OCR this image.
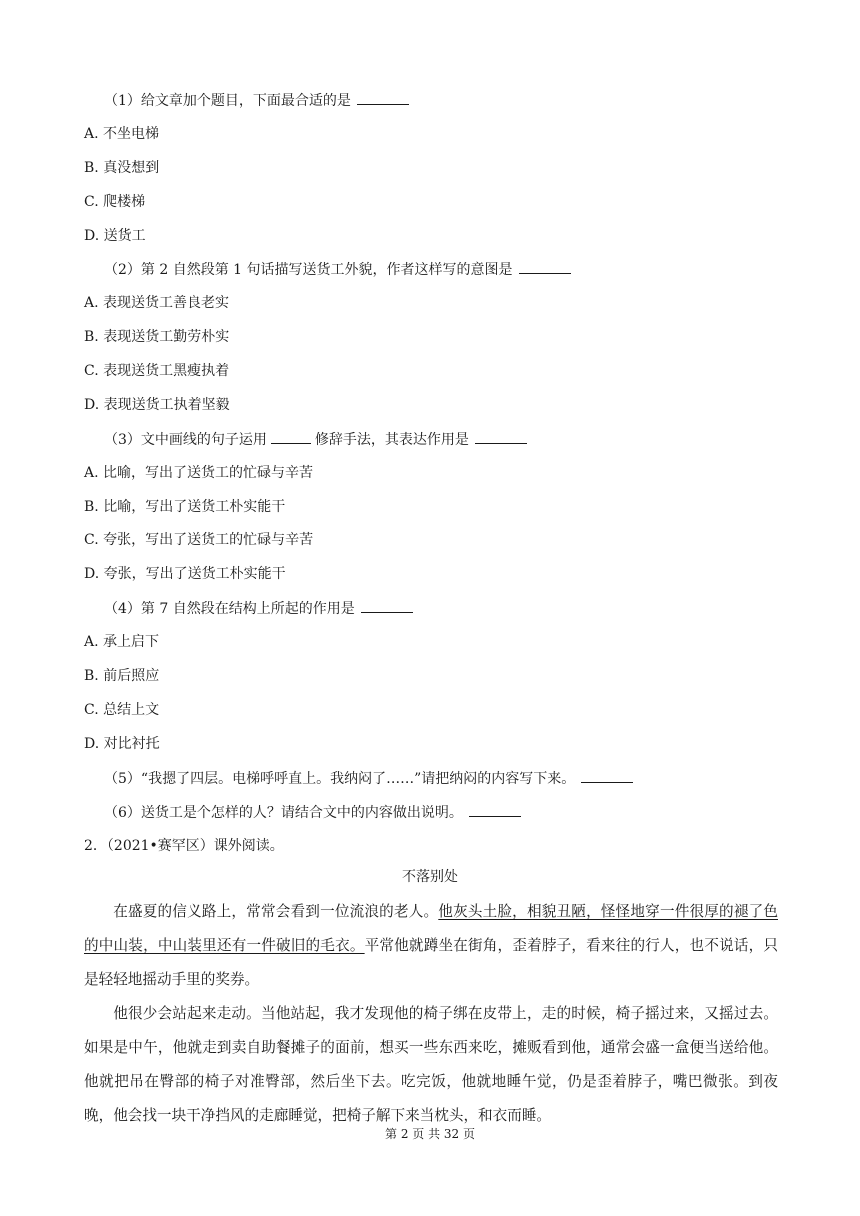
（1）给文章加个题目，下面最合适的是
A. 不坐电梯
B. 真没想到
C. 爬楼梯
D. 送货工
（2）第 2 自然段第 1 句话描写送货工外貌，作者这样写的意图是
A. 表现送货工善良老实
B. 表现送货工勤劳朴实
C. 表现送货工黑瘦执着
D. 表现送货工执着坚毅
（3）文中画线的句子运用	修辞手法，其表达作用是
A. 比喻，写出了送货工的忙碌与辛苦
B. 比喻，写出了送货工朴实能干
C. 夸张，写出了送货工的忙碌与辛苦
D. 夸张，写出了送货工朴实能干
（4）第 7 自然段在结构上所起的作用是
A. 承上启下
B. 前后照应
C. 总结上文
D. 对比衬托
（5）“我摁了四层。电梯呼呼直上。我纳闷了……”请把纳闷的内容写下来。
（6）送货工是个怎样的人？请结合文中的内容做出说明。
2．（2021•赛罕区）课外阅读。
不落别处
在盛夏的信义路上，常常会看到一位流浪的老人。他灰头土脸，相貌丑陋，怪怪地穿一件很厚的褪了色的中山装，中山装里还有一件破旧的毛衣。平常他就蹲坐在街角，歪着脖子，看来往的行人，也不说话，只是轻轻地摇动手里的奖券。
他很少会站起来走动。当他站起，我才发现他的椅子绑在皮带上，走的时候，椅子摇过来，又摇过去。如果是中午，他就走到卖自助餐摊子的面前，想买一些东西来吃，摊贩看到他，通常会盛一盒便当送给他。他就把吊在臀部的椅子对准臀部，然后坐下去。吃完饭，他就地睡午觉，仍是歪着脖子，嘴巴微张。到夜晚，他会找一块干净挡风的走廊睡觉，把椅子解下来当枕头，和衣而睡。
第 2 页 共 32 页
